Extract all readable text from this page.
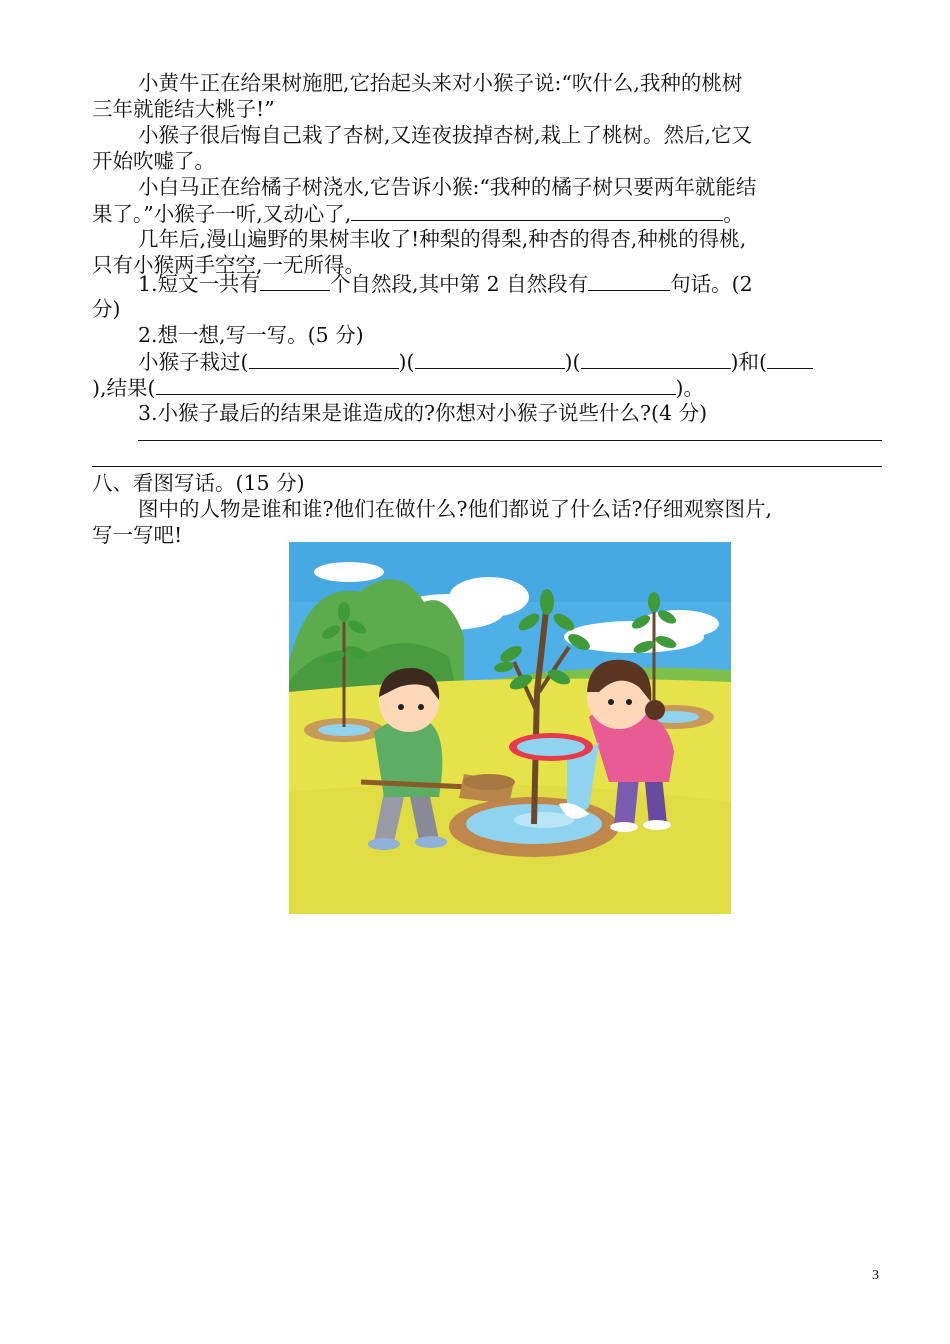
小黄牛正在给果树施肥,它抬起头来对小猴子说:“吹什么,我种的桃树
三年就能结大桃子!”
小猴子很后悔自己栽了杏树,又连夜拔掉杏树,栽上了桃树。然后,它又
开始吹嘘了。
小白马正在给橘子树浇水,它告诉小猴:“我种的橘子树只要两年就能结
果了。”小猴子一听,又动心了,	。
几年后,漫山遍野的果树丰收了!种梨的得梨,种杏的得杏,种桃的得桃,
只有小猴两手空空,一无所得。
1.短文一共有	个自然段,其中第 2 自然段有	句话。(2
分)
2.想一想,写一写。(5 分)
小猴子栽过(	)(	)(	)和(
),结果(	)。
3.小猴子最后的结果是谁造成的?你想对小猴子说些什么?(4 分)
八、看图写话。(15 分)
图中的人物是谁和谁?他们在做什么?他们都说了什么话?仔细观察图片,
写一写吧!
3
